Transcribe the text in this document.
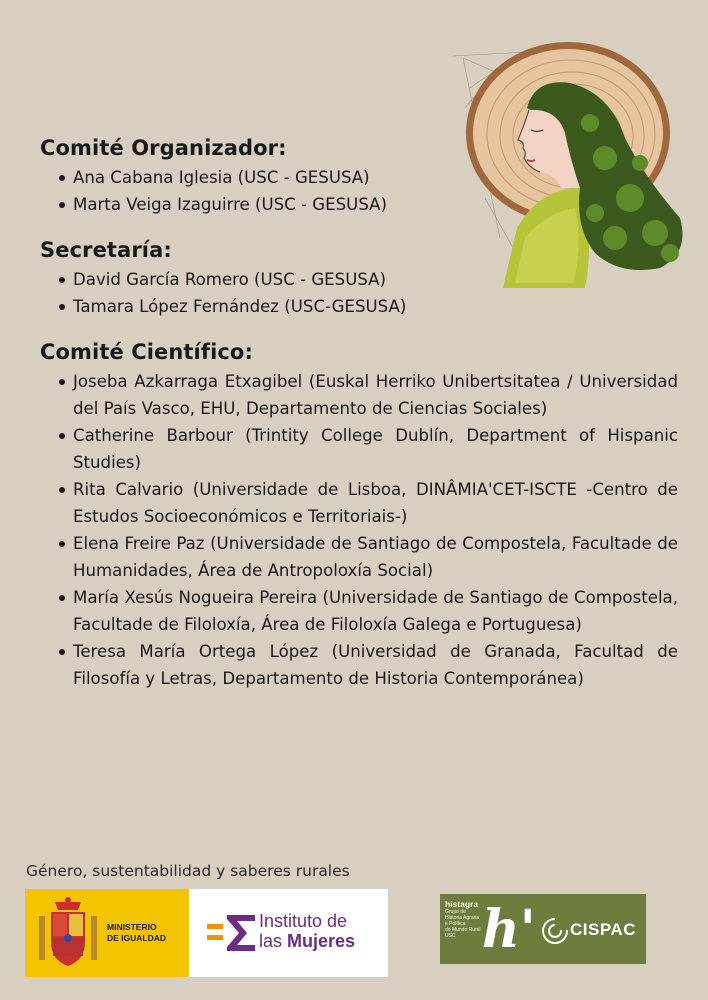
Comité Organizador:
Ana Cabana Iglesia (USC - GESUSA)
Marta Veiga Izaguirre (USC - GESUSA)
Secretaría:
David García Romero (USC - GESUSA)
Tamara López Fernández (USC-GESUSA)
Comité Científico:
Joseba Azkarraga Etxagibel (Euskal Herriko Unibertsitatea / Universidad del País Vasco, EHU, Departamento de Ciencias Sociales)
Catherine Barbour (Trintity College Dublín, Department of Hispanic Studies)
Rita Calvario (Universidade de Lisboa, DINÂMIA'CET-ISCTE -Centro de Estudos Socioeconómicos e Territoriais-)
Elena Freire Paz (Universidade de Santiago de Compostela, Facultade de Humanidades, Área de Antropoloxía Social)
María Xesús Nogueira Pereira (Universidade de Santiago de Compostela, Facultade de Filoloxía, Área de Filoloxía Galega e Portuguesa)
Teresa María Ortega López (Universidad de Granada, Facultad de Filosofía y Letras, Departamento de Historia Contemporánea)
Género, sustentabilidad y saberes rurales
MINISTERIO
DE IGUALDAD
Instituto de
las Mujeres
histagra
Grupo de
Historia Agraria
e Política
do Mundo Rural
USC h' CISPAC
